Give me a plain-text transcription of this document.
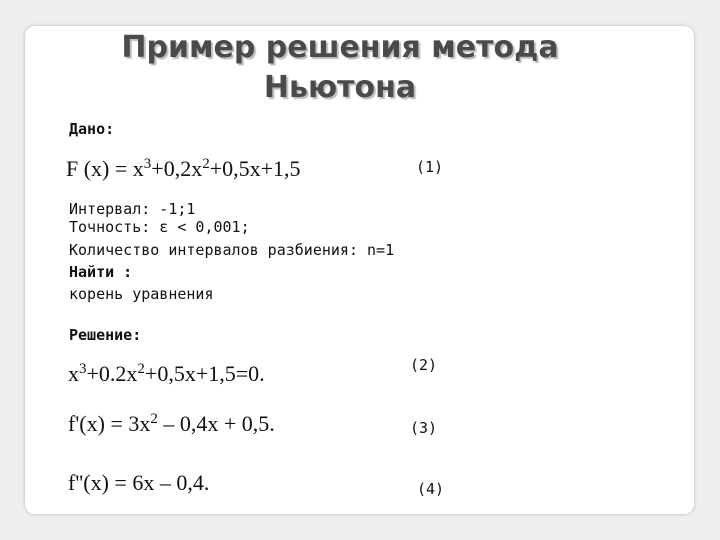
Пример решения метода
Ньютона
Дано:
F $(x) = x^3+0,2x^2+0,5x+1,5$	(1)
Интервал: -1;1
Точность: ε < 0,001;
Количество интервалов разбиения: n=1
Найти :
корень уравнения
Решение:
$x^3+0.2x^2+0,5x+1,5=0$.	(2)
$f'(x) = 3x^2 - 0,4x + 0,5$.	(3)
f''(x) = 6x – 0,4.	(4)
